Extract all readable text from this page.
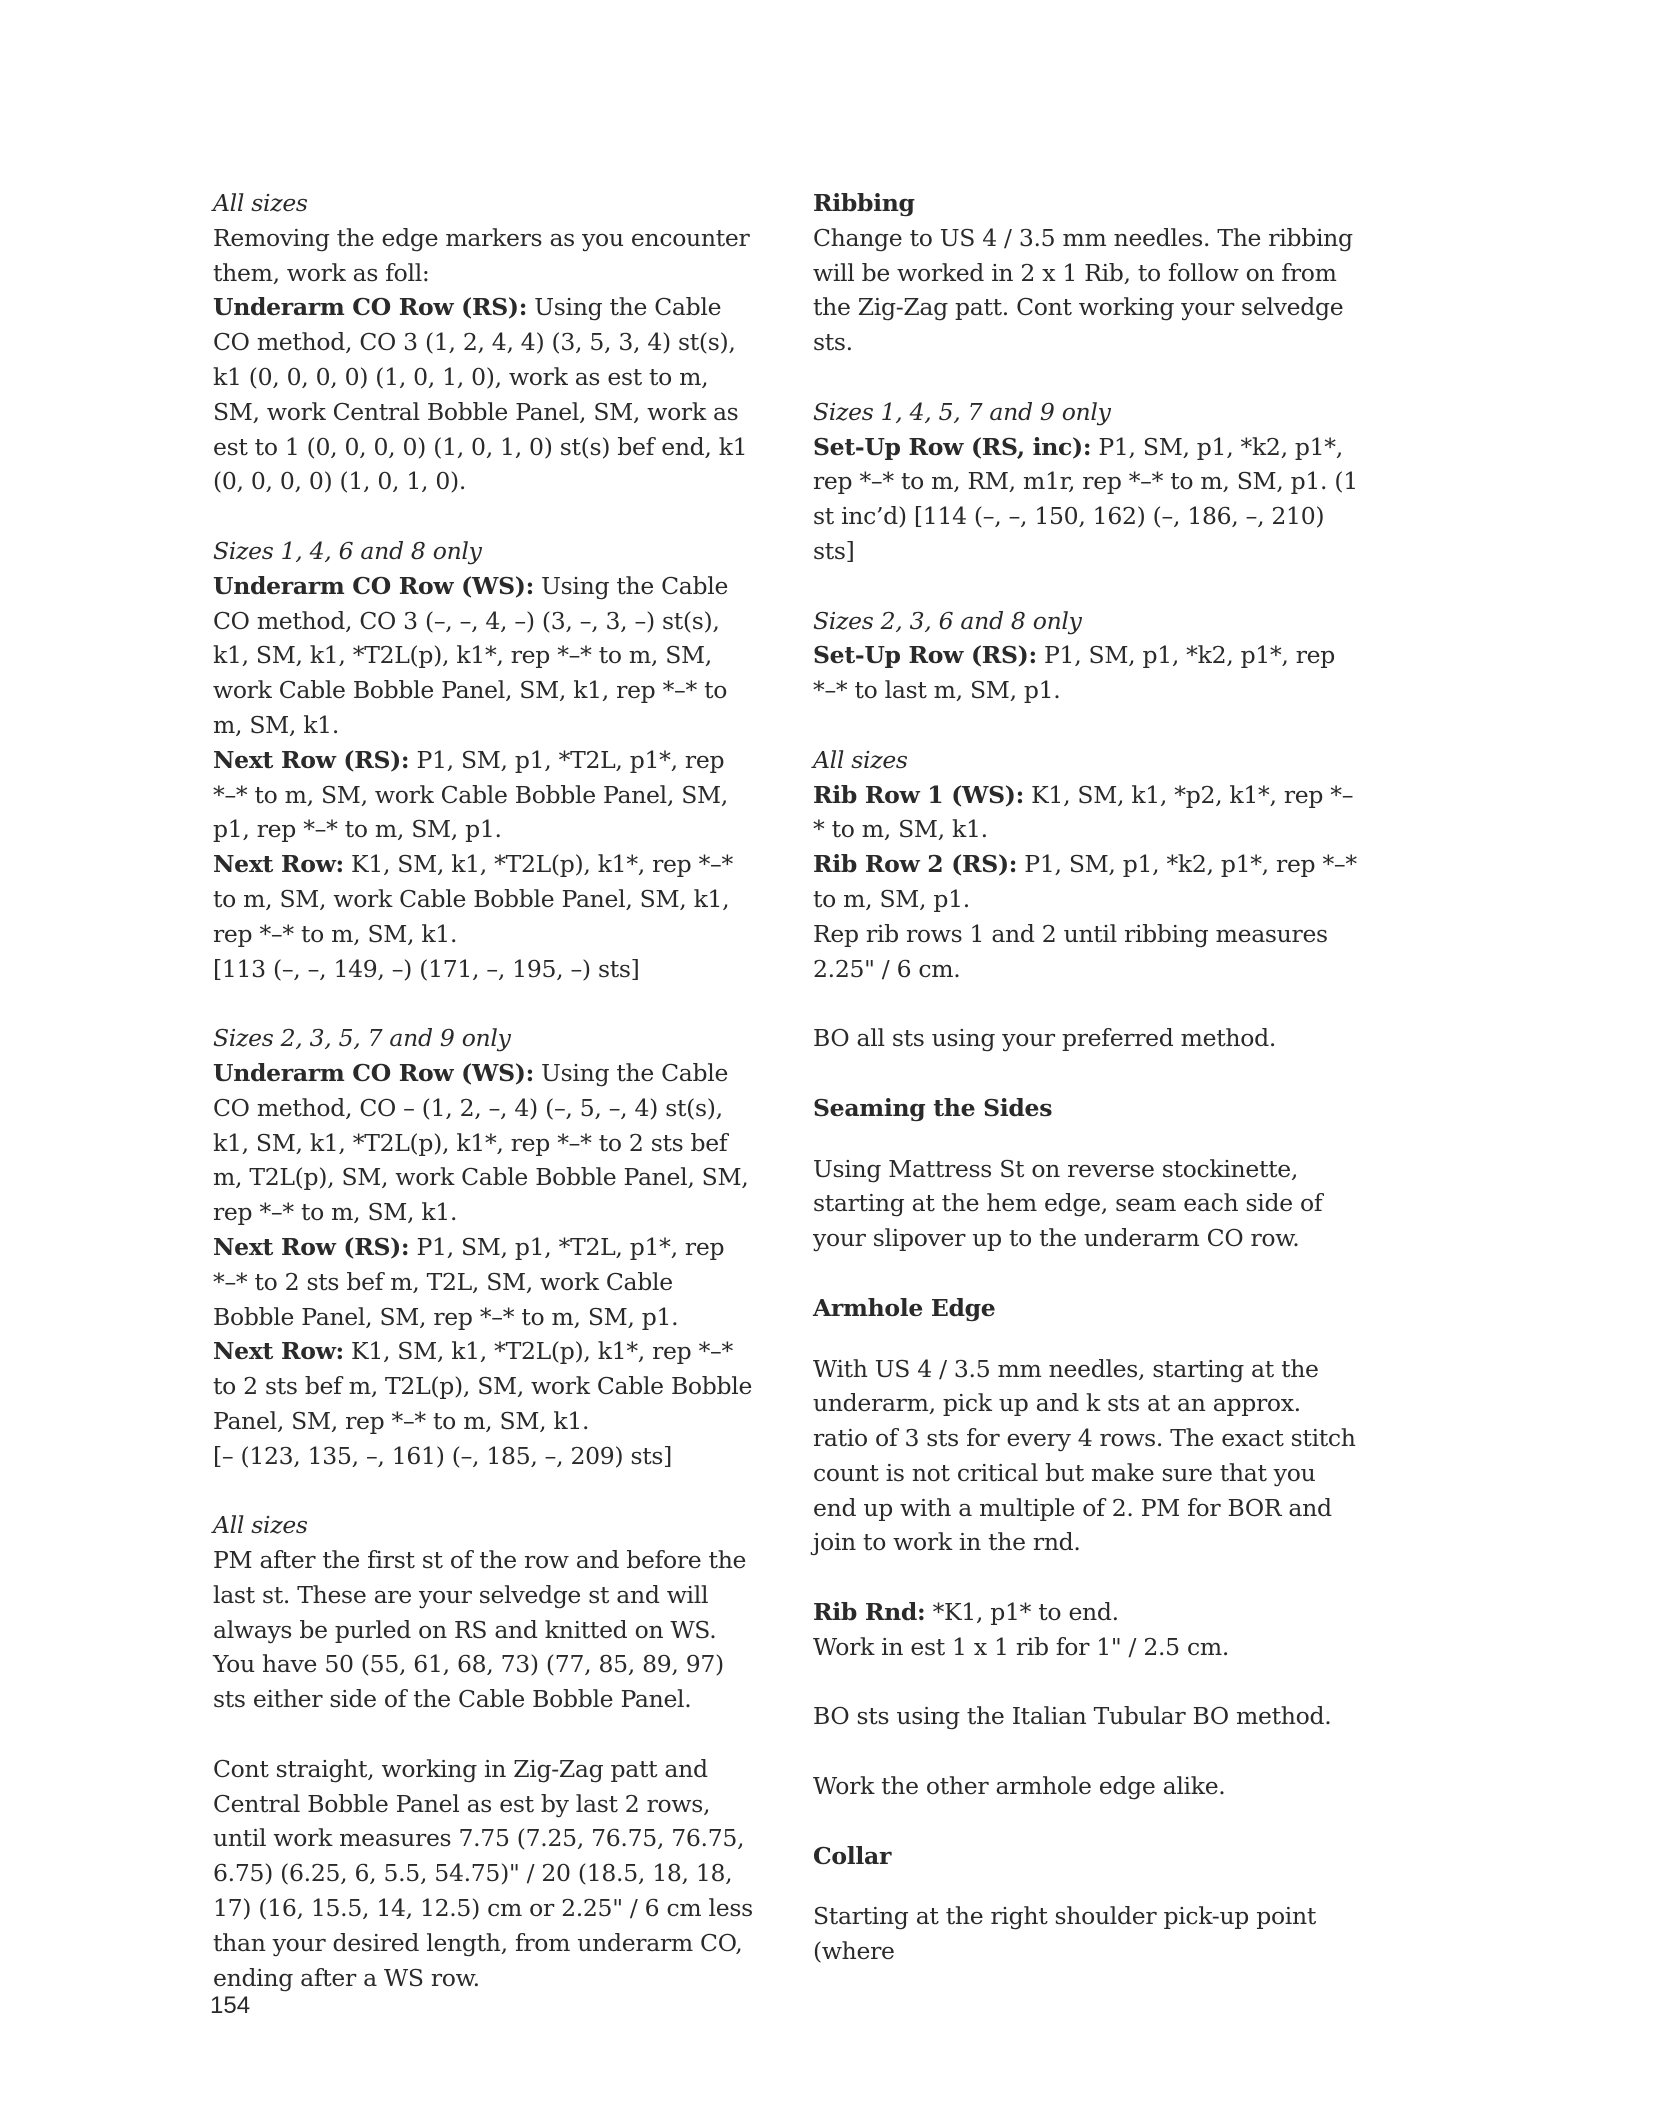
All sizes

Removing the edge markers as you encounter them, work as foll:

Underarm CO Row (RS): Using the Cable CO method, CO 3 (1, 2, 4, 4) (3, 5, 3, 4) st(s), k1 (0, 0, 0, 0) (1, 0, 1, 0), work as est to m, SM, work Central Bobble Panel, SM, work as est to 1 (0, 0, 0, 0) (1, 0, 1, 0) st(s) bef end, k1 (0, 0, 0, 0) (1, 0, 1, 0).

Sizes 1, 4, 6 and 8 only

Underarm CO Row (WS): Using the Cable CO method, CO 3 (–, –, 4, –) (3, –, 3, –) st(s), k1, SM, k1, *T2L(p), k1*, rep *–* to m, SM, work Cable Bobble Panel, SM, k1, rep *–* to m, SM, k1.

Next Row (RS): P1, SM, p1, *T2L, p1*, rep *–* to m, SM, work Cable Bobble Panel, SM, p1, rep *–* to m, SM, p1.

Next Row: K1, SM, k1, *T2L(p), k1*, rep *–* to m, SM, work Cable Bobble Panel, SM, k1, rep *–* to m, SM, k1.

[113 (–, –, 149, –) (171, –, 195, –) sts]

Sizes 2, 3, 5, 7 and 9 only

Underarm CO Row (WS): Using the Cable CO method, CO – (1, 2, –, 4) (–, 5, –, 4) st(s), k1, SM, k1, *T2L(p), k1*, rep *–* to 2 sts bef m, T2L(p), SM, work Cable Bobble Panel, SM, rep *–* to m, SM, k1.

Next Row (RS): P1, SM, p1, *T2L, p1*, rep *–* to 2 sts bef m, T2L, SM, work Cable Bobble Panel, SM, rep *–* to m, SM, p1.

Next Row: K1, SM, k1, *T2L(p), k1*, rep *–* to 2 sts bef m, T2L(p), SM, work Cable Bobble Panel, SM, rep *–* to m, SM, k1.

[– (123, 135, –, 161) (–, 185, –, 209) sts]

All sizes

PM after the first st of the row and before the last st. These are your selvedge st and will always be purled on RS and knitted on WS.

You have 50 (55, 61, 68, 73) (77, 85, 89, 97) sts either side of the Cable Bobble Panel.

Cont straight, working in Zig-Zag patt and Central Bobble Panel as est by last 2 rows, until work measures 7.75 (7.25, 76.75, 76.75, 6.75) (6.25, 6, 5.5, 54.75)" / 20 (18.5, 18, 18, 17) (16, 15.5, 14, 12.5) cm or 2.25" / 6 cm less than your desired length, from underarm CO, ending after a WS row.

Ribbing

Change to US 4 / 3.5 mm needles. The ribbing will be worked in 2 x 1 Rib, to follow on from the Zig-Zag patt. Cont working your selvedge sts.

Sizes 1, 4, 5, 7 and 9 only

Set-Up Row (RS, inc): P1, SM, p1, *k2, p1*, rep *–* to m, RM, m1r, rep *–* to m, SM, p1. (1 st inc’d) [114 (–, –, 150, 162) (–, 186, –, 210) sts]

Sizes 2, 3, 6 and 8 only

Set-Up Row (RS): P1, SM, p1, *k2, p1*, rep *–* to last m, SM, p1.

All sizes

Rib Row 1 (WS): K1, SM, k1, *p2, k1*, rep *–* to m, SM, k1.

Rib Row 2 (RS): P1, SM, p1, *k2, p1*, rep *–* to m, SM, p1.

Rep rib rows 1 and 2 until ribbing measures 2.25" / 6 cm.

BO all sts using your preferred method.

Seaming the Sides

Using Mattress St on reverse stockinette, starting at the hem edge, seam each side of your slipover up to the underarm CO row.

Armhole Edge

With US 4 / 3.5 mm needles, starting at the underarm, pick up and k sts at an approx. ratio of 3 sts for every 4 rows. The exact stitch count is not critical but make sure that you end up with a multiple of 2. PM for BOR and join to work in the rnd.

Rib Rnd: *K1, p1* to end.

Work in est 1 x 1 rib for 1" / 2.5 cm.

BO sts using the Italian Tubular BO method.

Work the other armhole edge alike.

Collar

Starting at the right shoulder pick-up point (where

154
